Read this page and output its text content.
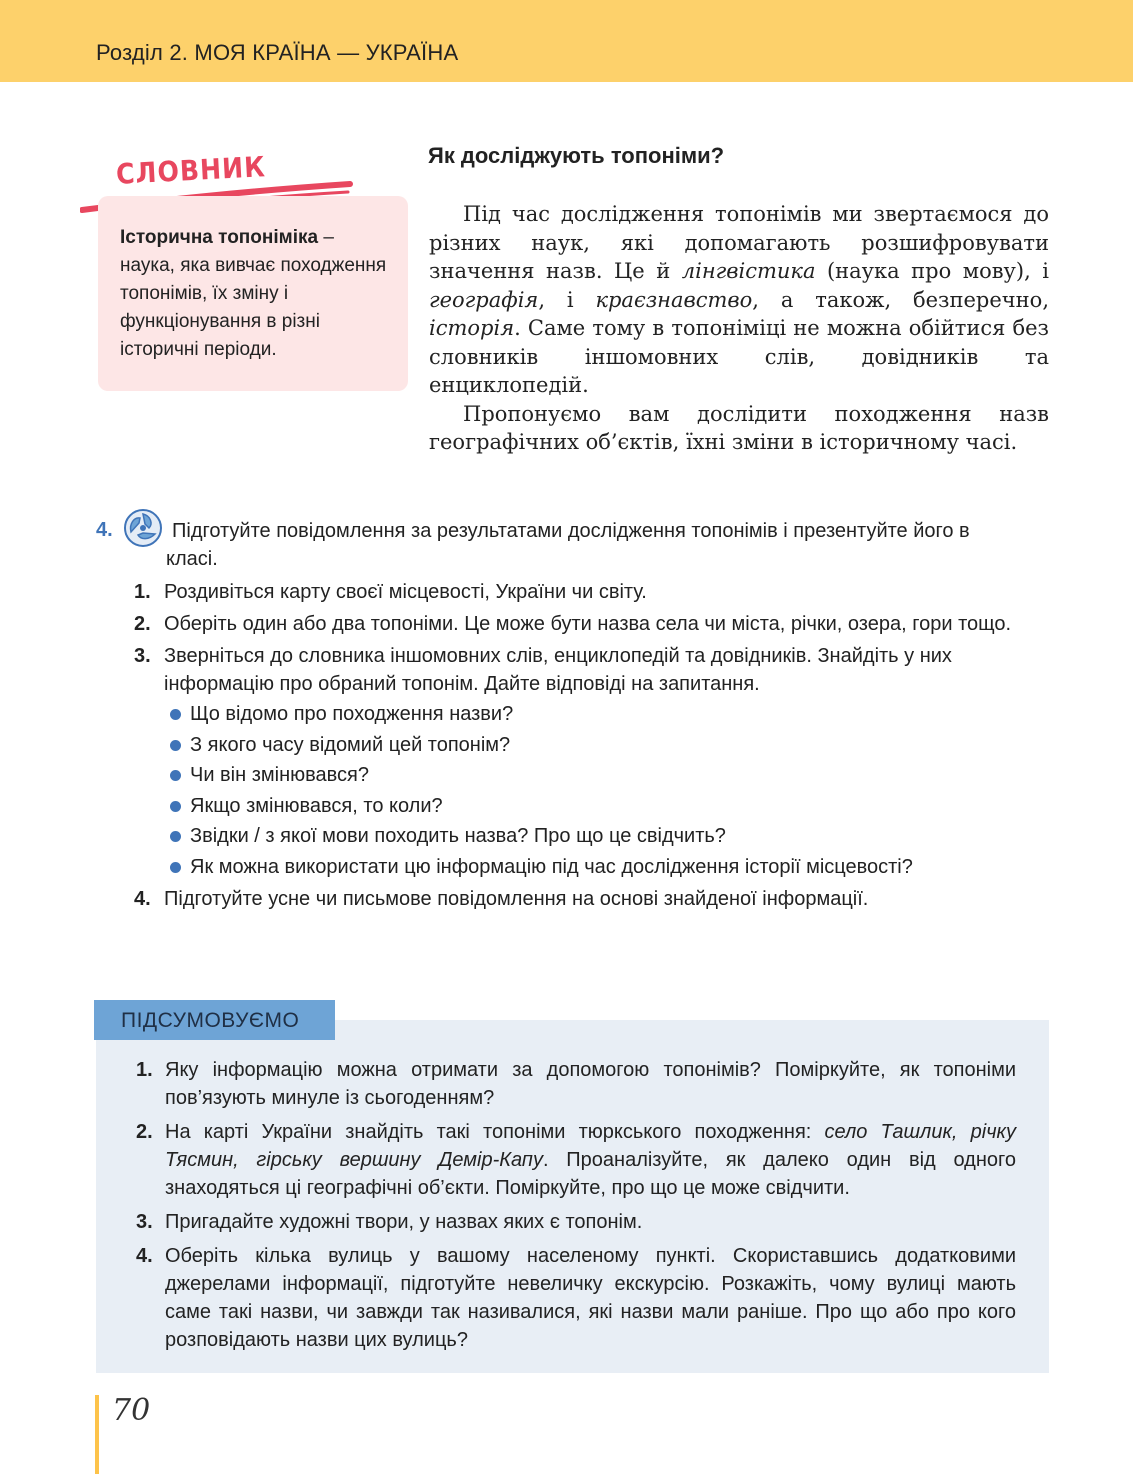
Розділ 2. МОЯ КРАЇНА — УКРАЇНА
СЛОВНИК
Історична топоніміка – наука, яка вивчає походження топонімів, їх зміну і функціонування в різні історичні періоди.
Як досліджують топоніми?

Під час дослідження топонімів ми звертаємося до різних наук, які допомагають розшифровувати значення назв. Це й лінгвістика (наука про мову), і географія, і краєзнавство, а також, безперечно, історія. Саме тому в топоніміці не можна обійтися без словників іншомовних слів, довідників та енциклопедій.

Пропонуємо вам дослідити походження назв географічних об’єктів, їхні зміни в історичному часі.

4.	Підготуйте повідомлення за результатами дослідження топонімів і презентуйте його в класі.
1. Роздивіться карту своєї місцевості, України чи світу.
2. Оберіть один або два топоніми. Це може бути назва села чи міста, річки, озера, гори тощо.
3. Зверніться до словника іншомовних слів, енциклопедій та довідників. Знайдіть у них інформацію про обраний топонім. Дайте відповіді на запитання.
Що відомо про походження назви?
З якого часу відомий цей топонім?
Чи він змінювався?
Якщо змінювався, то коли?
Звідки / з якої мови походить назва? Про що це свідчить?
Як можна використати цю інформацію під час дослідження історії місцевості?
4. Підготуйте усне чи письмове повідомлення на основі знайденої інформації.
ПІДСУМОВУЄМО
1. Яку інформацію можна отримати за допомогою топонімів? Поміркуйте, як топоніми пов’язують минуле із сьогоденням?
2. На карті України знайдіть такі топоніми тюркського походження: село Ташлик, річку Тясмин, гірську вершину Демір-Капу. Проаналізуйте, як далеко один від одного знаходяться ці географічні об’єкти. Поміркуйте, про що це може свідчити.
3. Пригадайте художні твори, у назвах яких є топонім.
4. Оберіть кілька вулиць у вашому населеному пункті. Скориставшись додатковими джерелами інформації, підготуйте невеличку екскурсію. Розкажіть, чому вулиці мають саме такі назви, чи завжди так називалися, які назви мали раніше. Про що або про кого розповідають назви цих вулиць?
70
